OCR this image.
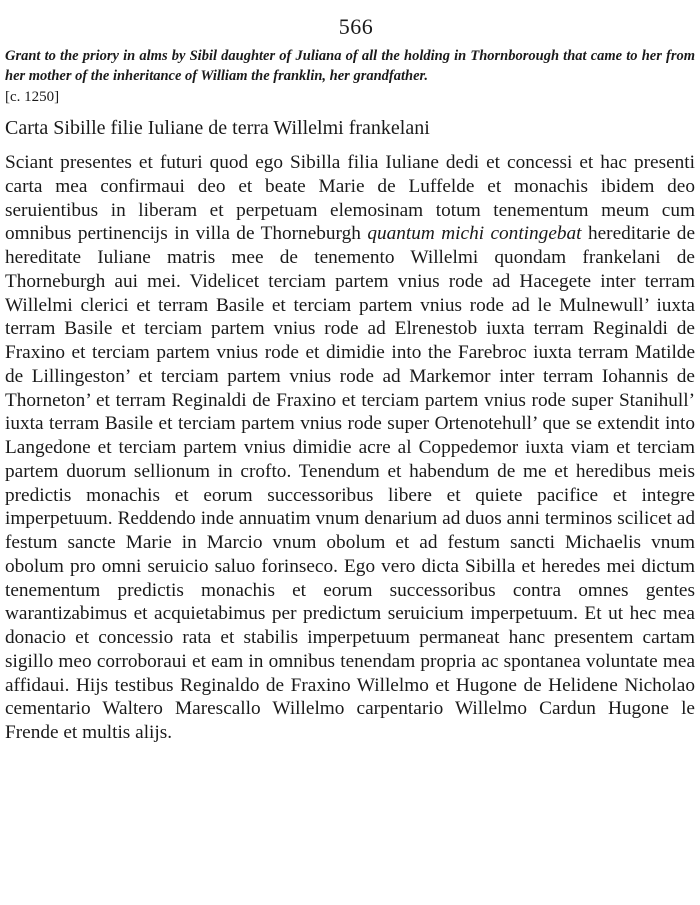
566

Grant to the priory in alms by Sibil daughter of Juliana of all the holding in Thornborough that came to her from her mother of the inheritance of William the franklin, her grandfather.

[c. 1250]
Carta Sibille filie Iuliane de terra Willelmi frankelani

Sciant presentes et futuri quod ego Sibilla filia Iuliane dedi et concessi et hac presenti carta mea confirmaui deo et beate Marie de Luffelde et monachis ibidem deo seruientibus in liberam et perpetuam elemosinam totum tenementum meum cum omnibus pertinencijs in villa de Thorneburgh quantum michi contingebat hereditarie de hereditate Iuliane matris mee de tenemento Willelmi quondam frankelani de Thorneburgh aui mei. Videlicet terciam partem vnius rode ad Hacegete inter terram Willelmi clerici et terram Basile et terciam partem vnius rode ad le Mulnewull’ iuxta terram Basile et terciam partem vnius rode ad Elrenestob iuxta terram Reginaldi de Fraxino et terciam partem vnius rode et dimidie into the Farebroc iuxta terram Matilde de Lillingeston’ et terciam partem vnius rode ad Markemor inter terram Iohannis de Thorneton’ et terram Reginaldi de Fraxino et terciam partem vnius rode super Stanihull’ iuxta terram Basile et terciam partem vnius rode super Ortenotehull’ que se extendit into Langedone et terciam partem vnius dimidie acre al Coppedemor iuxta viam et terciam partem duorum sellionum in crofto. Tenendum et habendum de me et heredibus meis predictis monachis et eorum successoribus libere et quiete pacifice et integre imperpetuum. Reddendo inde annuatim vnum denarium ad duos anni terminos scilicet ad festum sancte Marie in Marcio vnum obolum et ad festum sancti Michaelis vnum obolum pro omni seruicio saluo forinseco. Ego vero dicta Sibilla et heredes mei dictum tenementum predictis monachis et eorum successoribus contra omnes gentes warantizabimus et acquietabimus per predictum seruicium imperpetuum. Et ut hec mea donacio et concessio rata et stabilis imperpetuum permaneat hanc presentem cartam sigillo meo corroboraui et eam in omnibus tenendam propria ac spontanea voluntate mea affidaui. Hijs testibus Reginaldo de Fraxino Willelmo et Hugone de Helidene Nicholao cementario Waltero Marescallo Willelmo carpentario Willelmo Cardun Hugone le Frende et multis alijs.
